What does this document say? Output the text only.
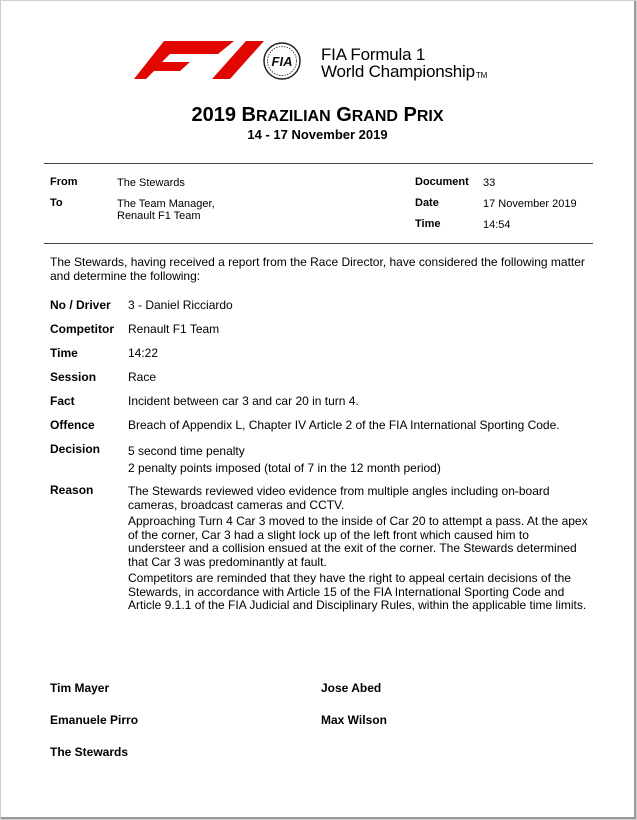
FIA FIA Formula 1
World ChampionshipTM
2019 BRAZILIAN GRAND PRIX
14 - 17 November 2019
From	The Stewards
To	The Team Manager,
Renault F1 Team
Document 33
Date	17 November 2019
Time	14:54
The Stewards, having received a report from the Race Director, have considered the following matter
and determine the following:
No / Driver 3 - Daniel Ricciardo
Competitor Renault F1 Team
Time	14:22
Session	Race
Fact	Incident between car 3 and car 20 in turn 4.
Offence	Breach of Appendix L, Chapter IV Article 2 of the FIA International Sporting Code.
Decision 5 second time penalty
2 penalty points imposed (total of 7 in the 12 month period)
Reason	The Stewards reviewed video evidence from multiple angles including on-board
cameras, broadcast cameras and CCTV.
Approaching Turn 4 Car 3 moved to the inside of Car 20 to attempt a pass. At the apex
of the corner, Car 3 had a slight lock up of the left front which caused him to
understeer and a collision ensued at the exit of the corner. The Stewards determined
that Car 3 was predominantly at fault.
Competitors are reminded that they have the right to appeal certain decisions of the
Stewards, in accordance with Article 15 of the FIA International Sporting Code and
Article 9.1.1 of the FIA Judicial and Disciplinary Rules, within the applicable time limits.
Tim Mayer	Jose Abed
Emanuele Pirro	Max Wilson
The Stewards
